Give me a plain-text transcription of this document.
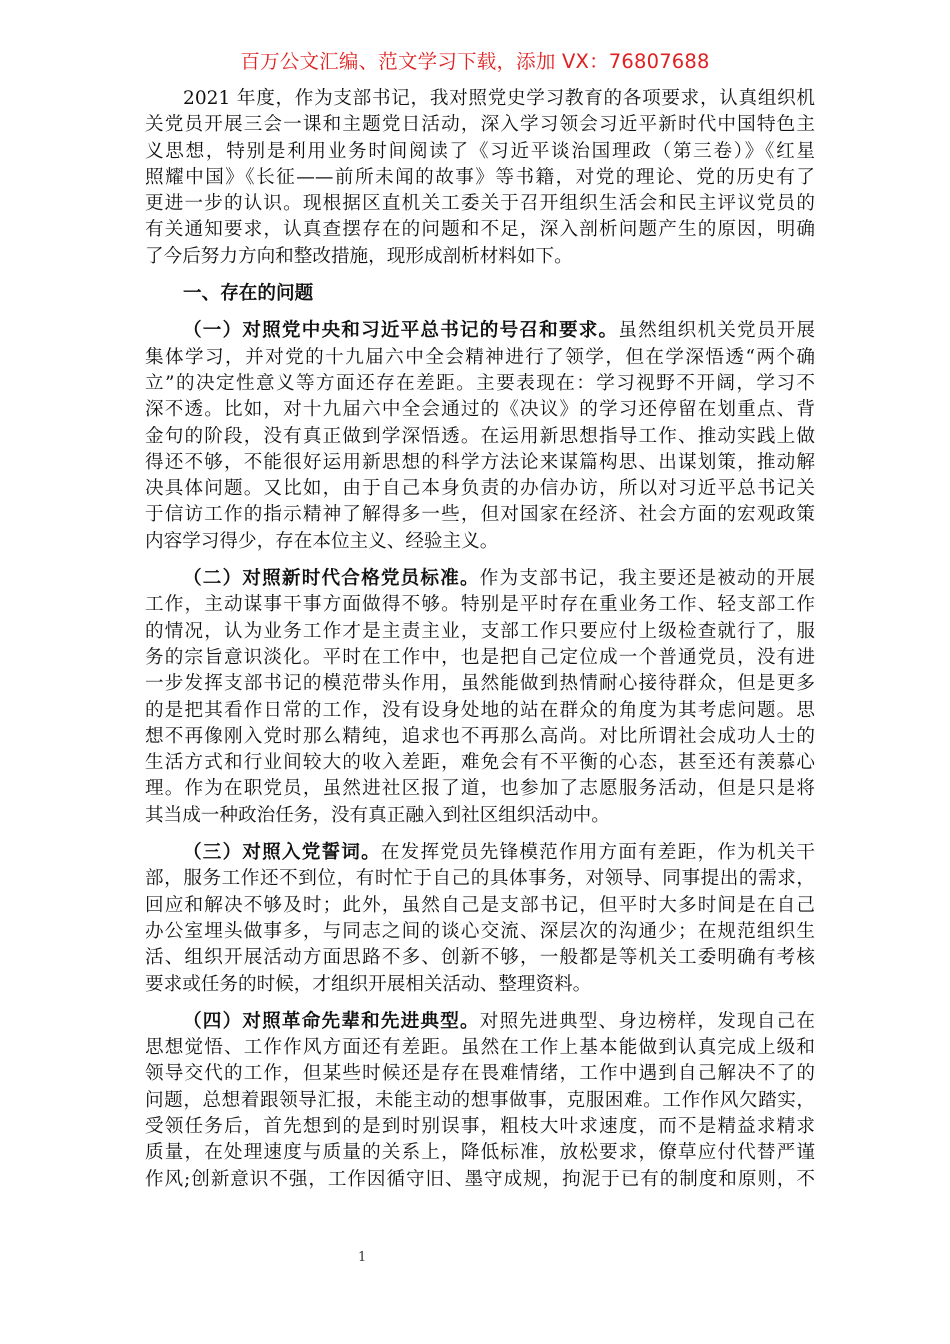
百万公文汇编、范文学习下载，添加 VX：76807688
2021 年度，作为支部书记，我对照党史学习教育的各项要求，认真组织机
关党员开展三会一课和主题党日活动，深入学习领会习近平新时代中国特色主
义思想，特别是利用业务时间阅读了《习近平谈治国理政（第三卷）》《红星
照耀中国》《长征——前所未闻的故事》等书籍，对党的理论、党的历史有了
更进一步的认识。现根据区直机关工委关于召开组织生活会和民主评议党员的
有关通知要求，认真查摆存在的问题和不足，深入剖析问题产生的原因，明确
了今后努力方向和整改措施，现形成剖析材料如下。
一、存在的问题
（一）对照党中央和习近平总书记的号召和要求。虽然组织机关党员开展
集体学习，并对党的十九届六中全会精神进行了领学，但在学深悟透“两个确
立”的决定性意义等方面还存在差距。主要表现在：学习视野不开阔，学习不
深不透。比如，对十九届六中全会通过的《决议》的学习还停留在划重点、背
金句的阶段，没有真正做到学深悟透。在运用新思想指导工作、推动实践上做
得还不够，不能很好运用新思想的科学方法论来谋篇构思、出谋划策，推动解
决具体问题。又比如，由于自己本身负责的办信办访，所以对习近平总书记关
于信访工作的指示精神了解得多一些，但对国家在经济、社会方面的宏观政策
内容学习得少，存在本位主义、经验主义。
（二）对照新时代合格党员标准。作为支部书记，我主要还是被动的开展
工作，主动谋事干事方面做得不够。特别是平时存在重业务工作、轻支部工作
的情况，认为业务工作才是主责主业，支部工作只要应付上级检查就行了，服
务的宗旨意识淡化。平时在工作中，也是把自己定位成一个普通党员，没有进
一步发挥支部书记的模范带头作用，虽然能做到热情耐心接待群众，但是更多
的是把其看作日常的工作，没有设身处地的站在群众的角度为其考虑问题。思
想不再像刚入党时那么精纯，追求也不再那么高尚。对比所谓社会成功人士的
生活方式和行业间较大的收入差距，难免会有不平衡的心态，甚至还有羡慕心
理。作为在职党员，虽然进社区报了道，也参加了志愿服务活动，但是只是将
其当成一种政治任务，没有真正融入到社区组织活动中。
（三）对照入党誓词。在发挥党员先锋模范作用方面有差距，作为机关干
部，服务工作还不到位，有时忙于自己的具体事务，对领导、同事提出的需求，
回应和解决不够及时；此外，虽然自己是支部书记，但平时大多时间是在自己
办公室埋头做事多，与同志之间的谈心交流、深层次的沟通少；在规范组织生
活、组织开展活动方面思路不多、创新不够，一般都是等机关工委明确有考核
要求或任务的时候，才组织开展相关活动、整理资料。
（四）对照革命先辈和先进典型。对照先进典型、身边榜样，发现自己在
思想觉悟、工作作风方面还有差距。虽然在工作上基本能做到认真完成上级和
领导交代的工作，但某些时候还是存在畏难情绪，工作中遇到自己解决不了的
问题，总想着跟领导汇报，未能主动的想事做事，克服困难。工作作风欠踏实，
受领任务后，首先想到的是到时别误事，粗枝大叶求速度，而不是精益求精求
质量，在处理速度与质量的关系上，降低标准，放松要求，僚草应付代替严谨
作风;创新意识不强，工作因循守旧、墨守成规，拘泥于已有的制度和原则，不
1
